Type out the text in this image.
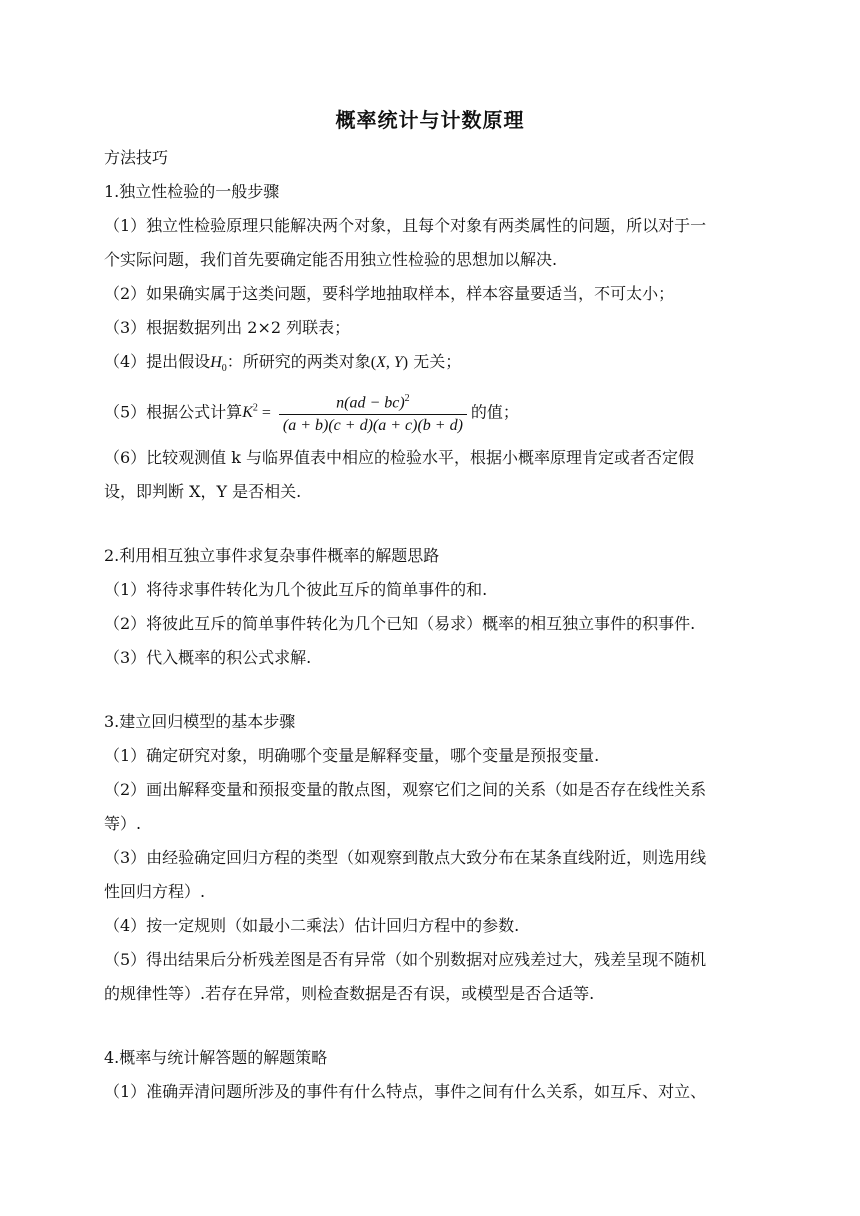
概率统计与计数原理
方法技巧
1.独立性检验的一般步骤
（1）独立性检验原理只能解决两个对象，且每个对象有两类属性的问题，所以对于一
个实际问题，我们首先要确定能否用独立性检验的思想加以解决.
（2）如果确实属于这类问题，要科学地抽取样本，样本容量要适当，不可太小；
（3）根据数据列出 2×2 列联表；
（4）提出假设$H_0$：所研究的两类对象(X, Y) 无关；
（5）根据公式计算$K^2 = \frac{n(ad - bc)^2}{(a + b)(c + d)(a + c)(b + d)}$ 的值；
（6）比较观测值 k 与临界值表中相应的检验水平，根据小概率原理肯定或者否定假
设，即判断 X，Y 是否相关.
2.利用相互独立事件求复杂事件概率的解题思路
（1）将待求事件转化为几个彼此互斥的简单事件的和.
（2）将彼此互斥的简单事件转化为几个已知（易求）概率的相互独立事件的积事件.
（3）代入概率的积公式求解.
3.建立回归模型的基本步骤
（1）确定研究对象，明确哪个变量是解释变量，哪个变量是预报变量.
（2）画出解释变量和预报变量的散点图，观察它们之间的关系（如是否存在线性关系
等）.
（3）由经验确定回归方程的类型（如观察到散点大致分布在某条直线附近，则选用线
性回归方程）.
（4）按一定规则（如最小二乘法）估计回归方程中的参数.
（5）得出结果后分析残差图是否有异常（如个别数据对应残差过大，残差呈现不随机
的规律性等）.若存在异常，则检查数据是否有误，或模型是否合适等.
4.概率与统计解答题的解题策略
（1）准确弄清问题所涉及的事件有什么特点，事件之间有什么关系，如互斥、对立、
